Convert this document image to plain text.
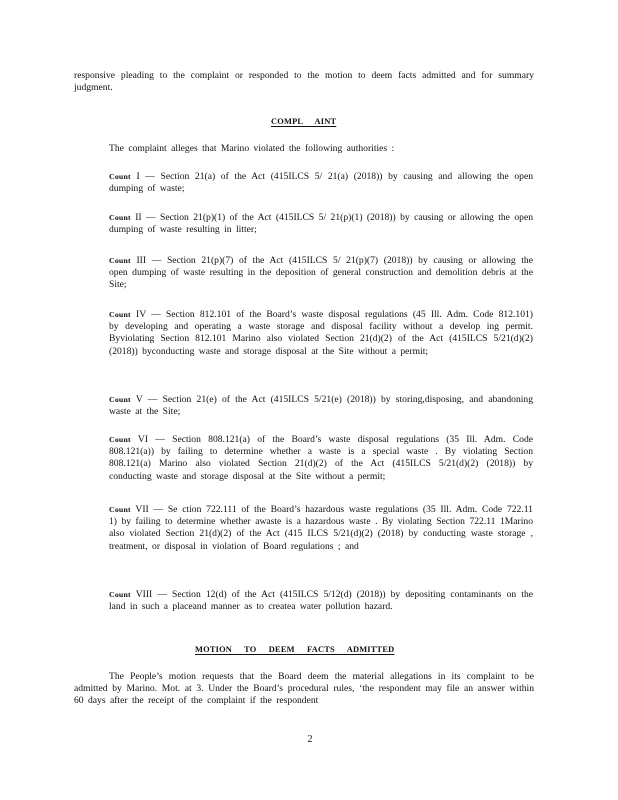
responsive pleading to the complaint or responded to the motion to deem facts admitted and for summary judgment.

COMPL AINT

The complaint alleges that Marino violated the following authorities :

Count I — Section 21(a) of the Act (415ILCS 5/ 21(a) (2018)) by causing and allowing the open dumping of waste;

Count II — Section 21(p)(1) of the Act (415ILCS 5/ 21(p)(1) (2018)) by causing or allowing the open dumping of waste resulting in litter;

Count III — Section 21(p)(7) of the Act (415ILCS 5/ 21(p)(7) (2018)) by causing or allowing the open dumping of waste resulting in the deposition of general construction and demolition debris at the Site;

Count IV — Section 812.101 of the Board’s waste disposal regulations (45 Ill. Adm. Code 812.101) by developing and operating a waste storage and disposal facility without a develop ing permit. Byviolating Section 812.101 Marino also violated Section 21(d)(2) of the Act (415ILCS 5/21(d)(2) (2018)) byconducting waste and storage disposal at the Site without a permit;

Count V — Section 21(e) of the Act (415ILCS 5/21(e) (2018)) by storing,disposing, and abandoning waste at the Site;

Count VI — Section 808.121(a) of the Board’s waste disposal regulations (35 Ill. Adm. Code 808.121(a)) by failing to determine whether a waste is a special waste . By violating Section 808.121(a) Marino also violated Section 21(d)(2) of the Act (415ILCS 5/21(d)(2) (2018)) by conducting waste and storage disposal at the Site without a permit;

Count VII — Se ction 722.111 of the Board’s hazardous waste regulations (35 Ill. Adm. Code 722.11 1) by failing to determine whether awaste is a hazardous waste . By violating Section 722.11 1Marino also violated Section 21(d)(2) of the Act (415 ILCS 5/21(d)(2) (2018) by conducting waste storage , treatment, or disposal in violation of Board regulations ; and

Count VIII — Section 12(d) of the Act (415ILCS 5/12(d) (2018)) by depositing contaminants on the land in such a placeand manner as to createa water pollution hazard.

MOTION TO DEEM FACTS ADMITTED

The People’s motion requests that the Board deem the material allegations in its complaint to be admitted by Marino. Mot. at 3. Under the Board’s procedural rules, ‘the respondent may file an answer within 60 days after the receipt of the complaint if the respondent

2
